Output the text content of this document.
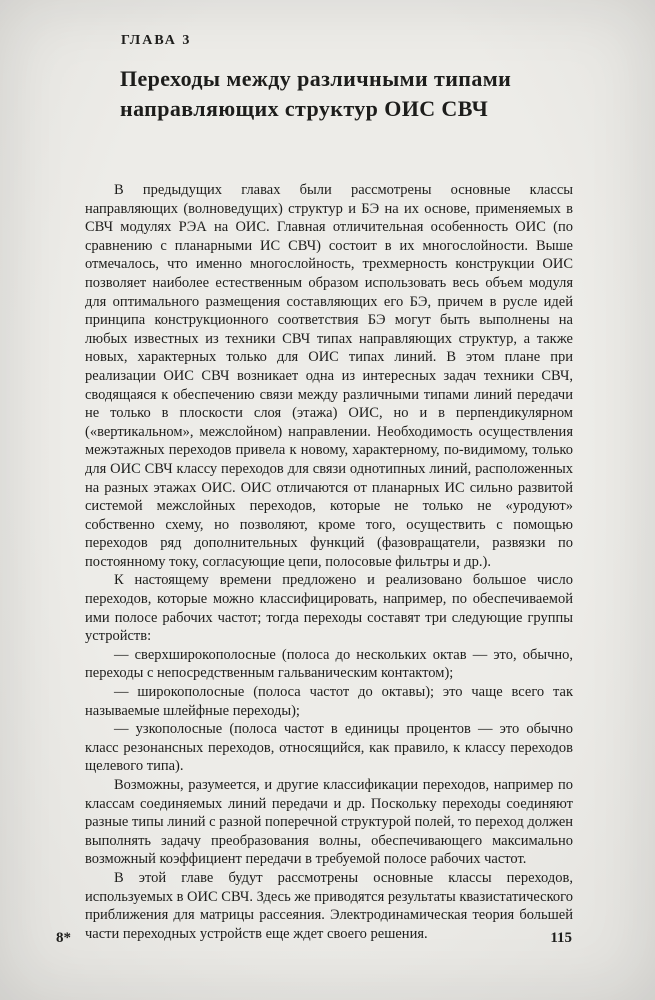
ГЛАВА 3
Переходы между различными типами направляющих структур ОИС СВЧ

В предыдущих главах были рассмотрены основные классы направляющих (волноведущих) структур и БЭ на их основе, применяемых в СВЧ модулях РЭА на ОИС. Главная отличительная особенность ОИС (по сравнению с планарными ИС СВЧ) состоит в их многослойности. Выше отмечалось, что именно многослойность, трехмерность конструкции ОИС позволяет наиболее естественным образом использовать весь объем модуля для оптимального размещения составляющих его БЭ, причем в русле идей принципа конструкционного соответствия БЭ могут быть выполнены на любых известных из техники СВЧ типах направляющих структур, а также новых, характерных только для ОИС типах линий. В этом плане при реализации ОИС СВЧ возникает одна из интересных задач техники СВЧ, сводящаяся к обеспечению связи между различными типами линий передачи не только в плоскости слоя (этажа) ОИС, но и в перпендикулярном («вертикальном», межслойном) направлении. Необходимость осуществления межэтажных переходов привела к новому, характерному, по-видимому, только для ОИС СВЧ классу переходов для связи однотипных линий, расположенных на разных этажах ОИС. ОИС отличаются от планарных ИС сильно развитой системой межслойных переходов, которые не только не «уродуют» собственно схему, но позволяют, кроме того, осуществить с помощью переходов ряд дополнительных функций (фазовращатели, развязки по постоянному току, согласующие цепи, полосовые фильтры и др.).

К настоящему времени предложено и реализовано большое число переходов, которые можно классифицировать, например, по обеспечиваемой ими полосе рабочих частот; тогда переходы составят три следующие группы устройств:

— сверхширокополосные (полоса до нескольких октав — это, обычно, переходы с непосредственным гальваническим контактом);

— широкополосные (полоса частот до октавы); это чаще всего так называемые шлейфные переходы);

— узкополосные (полоса частот в единицы процентов — это обычно класс резонансных переходов, относящийся, как правило, к классу переходов щелевого типа).

Возможны, разумеется, и другие классификации переходов, например по классам соединяемых линий передачи и др. Поскольку переходы соединяют разные типы линий с разной поперечной структурой полей, то переход должен выполнять задачу преобразования волны, обеспечивающего максимально возможный коэффициент передачи в требуемой полосе рабочих частот.

В этой главе будут рассмотрены основные классы переходов, используемых в ОИС СВЧ. Здесь же приводятся результаты квазистатического приближения для матрицы рассеяния. Электродинамическая теория большей части переходных устройств еще ждет своего решения.

8*	115
